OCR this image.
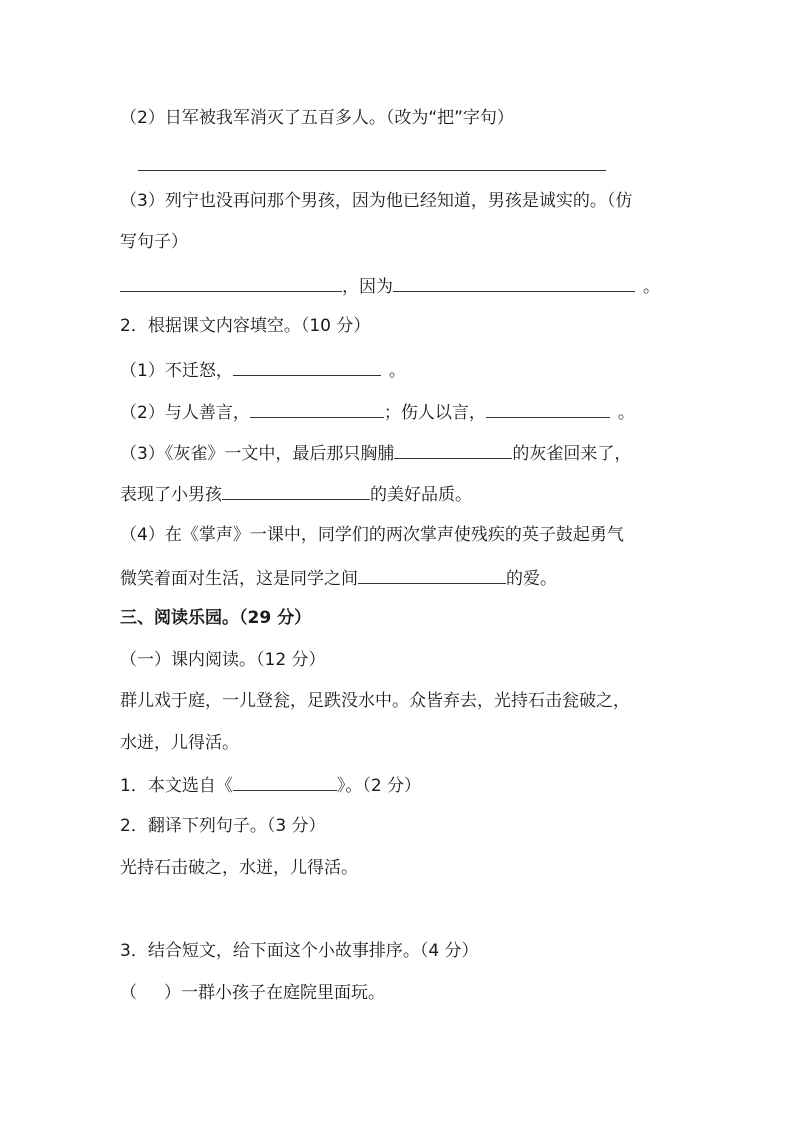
（2）日军被我军消灭了五百多人。（改为“把”字句）
（3）列宁也没再问那个男孩，因为他已经知道，男孩是诚实的。（仿
写句子）
，因为	。
2．根据课文内容填空。（10 分）
（1）不迁怒，	。
（2）与人善言，	；伤人以言，	。
（3）《灰雀》一文中，最后那只胸脯	的灰雀回来了，
表现了小男孩	的美好品质。
（4）在《掌声》一课中，同学们的两次掌声使残疾的英子鼓起勇气
微笑着面对生活，这是同学之间	的爱。
三、阅读乐园。（29 分）
（一）课内阅读。（12 分）
群儿戏于庭，一儿登瓮，足跌没水中。众皆弃去，光持石击瓮破之，
水迸，儿得活。
1．本文选自《	》。（2 分）
2．翻译下列句子。（3 分）
光持石击破之，水迸，儿得活。
3．结合短文，给下面这个小故事排序。（4 分）
（     ）一群小孩子在庭院里面玩。
